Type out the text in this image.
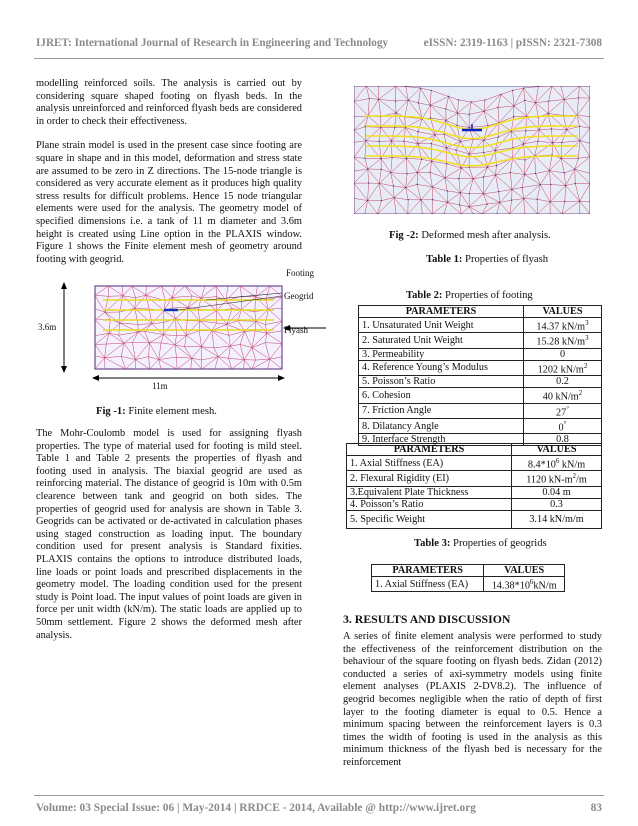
IJRET: International Journal of Research in Engineering and Technology	eISSN: 2319-1163 | pISSN: 2321-7308

modelling reinforced soils. The analysis is carried out by considering square shaped footing on flyash beds. In the analysis unreinforced and reinforced flyash beds are considered in order to check their effectiveness.

Plane strain model is used in the present case since footing are square in shape and in this model, deformation and stress state are assumed to be zero in Z directions. The 15-node triangle is considered as very accurate element as it produces high quality stress results for difficult problems. Hence 15 node triangular elements were used for the analysis. The geometry model of specified dimensions i.e. a tank of 11 m diameter and 3.6m height is created using Line option in the PLAXIS window. Figure 1 shows the Finite element mesh of geometry around footing with geogrid.

Footing
Geogrid
Flyash
3.6m
11m
Fig -1: Finite element mesh.

The Mohr-Coulomb model is used for assigning flyash properties. The type of material used for footing is mild steel. Table 1 and Table 2 presents the properties of flyash and footing used in analysis. The biaxial geogrid are used as reinforcing material. The distance of geogrid is 10m with 0.5m clearence between tank and geogrid on both sides. The properties of geogrid used for analysis are shown in Table 3. Geogrids can be activated or de-activated in calculation phases using staged construction as loading input. The boundary condition used for present analysis is Standard fixities. PLAXIS contains the options to introduce distributed loads, line loads or point loads and prescribed displacements in the geometry model. The loading condition used for the present study is Point load. The input values of point loads are given in force per unit width (kN/m). The static loads are applied up to 50mm settlement. Figure 2 shows the deformed mesh after analysis.

Fig -2: Deformed mesh after analysis.
Table 1: Properties of flyash
Table 2: Properties of footing
PARAMETERS	VALUES
1. Unsaturated Unit Weight	14.37 $kN/m^3$
2. Saturated Unit Weight	15.28 $kN/m^3$
3. Permeability	0
4. Reference Young’s Modulus	1202 $kN/m^2$
5. Poisson’s Ratio	0.2
6. Cohesion	40 $kN/m^2$
7. Friction Angle	27°
8. Dilatancy Angle	0°
9. Interface Strength	0.8
PARAMETERS	VALUES
1. Axial Stiffness (EA)	$8.4*10^6$ kN/m
2. Flexural Rigidity (EI)	1120 $kN-m^2/m$
3.Equivalent Plate Thickness	0.04 m
4. Poisson’s Ratio	0.3
5. Specific Weight	3.14 kN/m/m
Table 3: Properties of geogrids
PARAMETERS	VALUES
1. Axial Stiffness (EA)	$14.38*10^6kN/m$
3. RESULTS AND DISCUSSION

A series of finite element analysis were performed to study the effectiveness of the reinforcement distribution on the behaviour of the square footing on flyash beds. Zidan (2012) conducted a series of axi-symmetry models using finite element analyses (PLAXIS 2-DV8.2). The influence of geogrid becomes negligible when the ratio of depth of first layer to the footing diameter is equal to 0.5. Hence a minimum spacing between the reinforcement layers is 0.3 times the width of footing is used in the analysis as this minimum thickness of the flyash bed is necessary for the reinforcement

Volume: 03 Special Issue: 06 | May-2014 | RRDCE - 2014, Available @ http://www.ijret.org	83
